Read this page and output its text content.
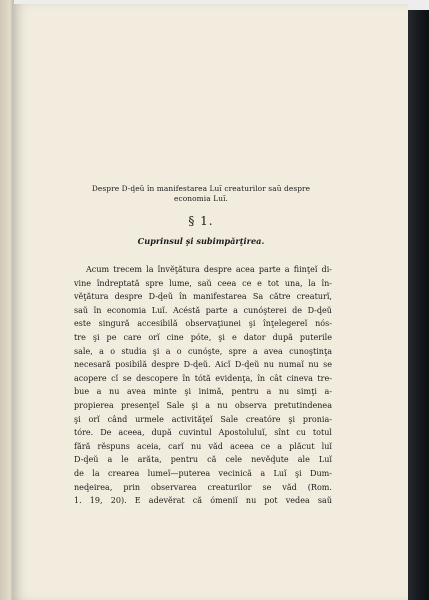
Despre D-ḑeŭ în manifestarea Luĭ creaturilor saŭ despre
economia Luĭ.

§ 1.
Cuprinsul şi subimpărţirea.
Acum trecem la învĕţătura despre acea parte a fiinţeĭ di-
vine îndreptată spre lume, saŭ ceea ce e tot una, la în-
vĕţătura despre D-ḑeŭ în manifestarea Sa către creaturĭ,
saŭ în economia Luĭ. Acéstă parte a cunóşterei de D-ḑeŭ
este singură accesibilă observaţiunei şi înţelegereĭ nós-
tre şi pe care orĭ cine póte, şi e dator după puterile
sale, a o studia şi a o cunóşte, spre a avea cunoştinţa
necesară posibilă despre D-ḑeŭ. Aicĭ D-ḑeŭ nu numaĭ nu se
acopere cĭ se descopere în tótă evidenţa, în cât cineva tre-
bue a nu avea minte şi inimă, pentru a nu simţi a-
propierea presenţeĭ Sale şi a nu observa pretutindenea
şi orĭ când urmele activităţeĭ Sale creatóre şi pronia-
tóre. De aceea, după cuvintul Apostoluluĭ, sînt cu totul
fără rĕspuns aceia, carĭ nu văd aceea ce a plăcut luĭ
D-ḑeŭ a le arăta, pentru că cele nevĕḑute ale Luĭ
de la crearea lumeĭ—puterea vecinică a Luĭ şi Dum-
neḑeirea, prin observarea creaturilor se văd (Rom.
1. 19, 20). E adevĕrat că ómeniĭ nu pot vedea saŭ
